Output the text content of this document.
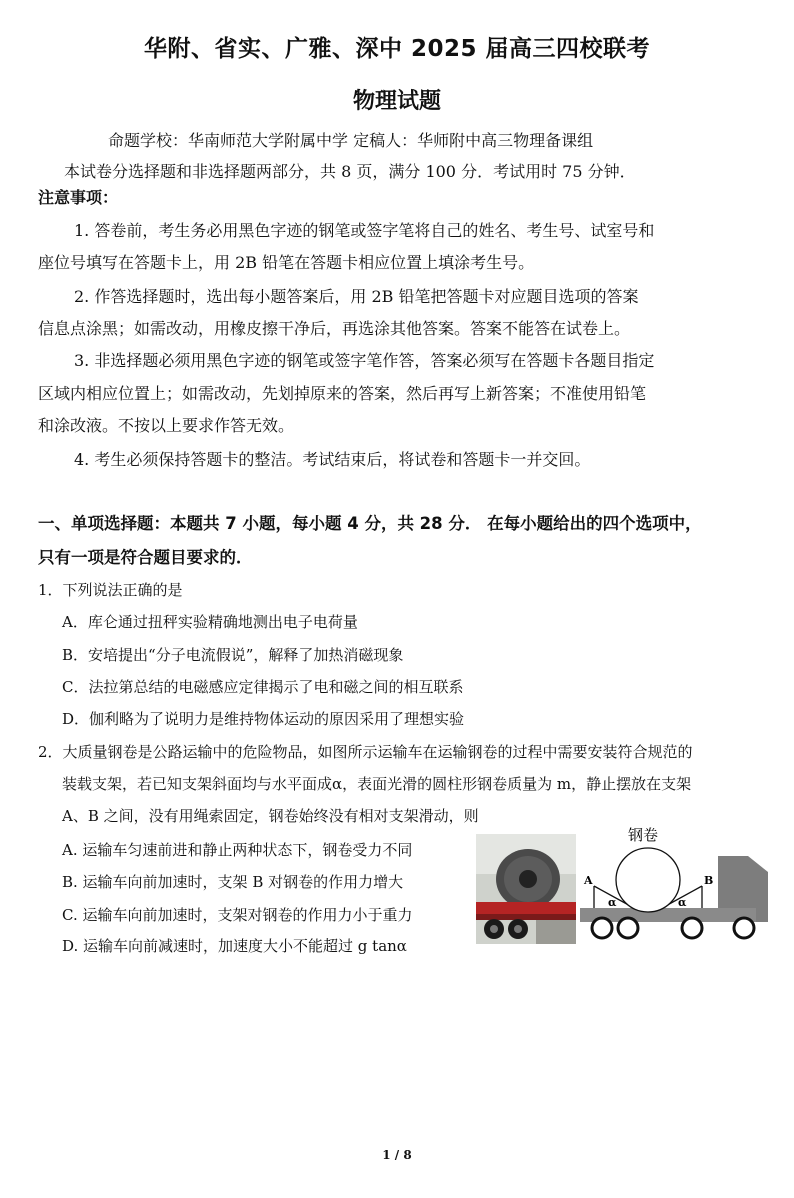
华附、省实、广雅、深中 2025 届高三四校联考
物理试题
命题学校：华南师范大学附属中学 定稿人：华师附中高三物理备课组
本试卷分选择题和非选择题两部分，共 8 页，满分 100 分．考试用时 75 分钟．
注意事项：
1. 答卷前，考生务必用黑色字迹的钢笔或签字笔将自己的姓名、考生号、试室号和
座位号填写在答题卡上，用 2B 铅笔在答题卡相应位置上填涂考生号。
2. 作答选择题时，选出每小题答案后，用 2B 铅笔把答题卡对应题目选项的答案
信息点涂黑；如需改动，用橡皮擦干净后，再选涂其他答案。答案不能答在试卷上。
3. 非选择题必须用黑色字迹的钢笔或签字笔作答，答案必须写在答题卡各题目指定
区域内相应位置上；如需改动，先划掉原来的答案，然后再写上新答案；不准使用铅笔
和涂改液。不按以上要求作答无效。
4. 考生必须保持答题卡的整洁。考试结束后，将试卷和答题卡一并交回。
一、单项选择题：本题共 7 小题，每小题 4 分，共 28 分． 在每小题给出的四个选项中，
只有一项是符合题目要求的．
1．下列说法正确的是
A．库仑通过扭秤实验精确地测出电子电荷量
B．安培提出“分子电流假说”，解释了加热消磁现象
C．法拉第总结的电磁感应定律揭示了电和磁之间的相互联系
D．伽利略为了说明力是维持物体运动的原因采用了理想实验
2．大质量钢卷是公路运输中的危险物品，如图所示运输车在运输钢卷的过程中需要安装符合规范的
装载支架，若已知支架斜面均与水平面成α，表面光滑的圆柱形钢卷质量为 m，静止摆放在支架
A、B 之间，没有用绳索固定，钢卷始终没有相对支架滑动，则
A. 运输车匀速前进和静止两种状态下，钢卷受力不同
B. 运输车向前加速时，支架 B 对钢卷的作用力增大
C. 运输车向前加速时，支架对钢卷的作用力小于重力
D. 运输车向前减速时，加速度大小不能超过 g tanα
钢卷
A	B
α	α
1 / 8
